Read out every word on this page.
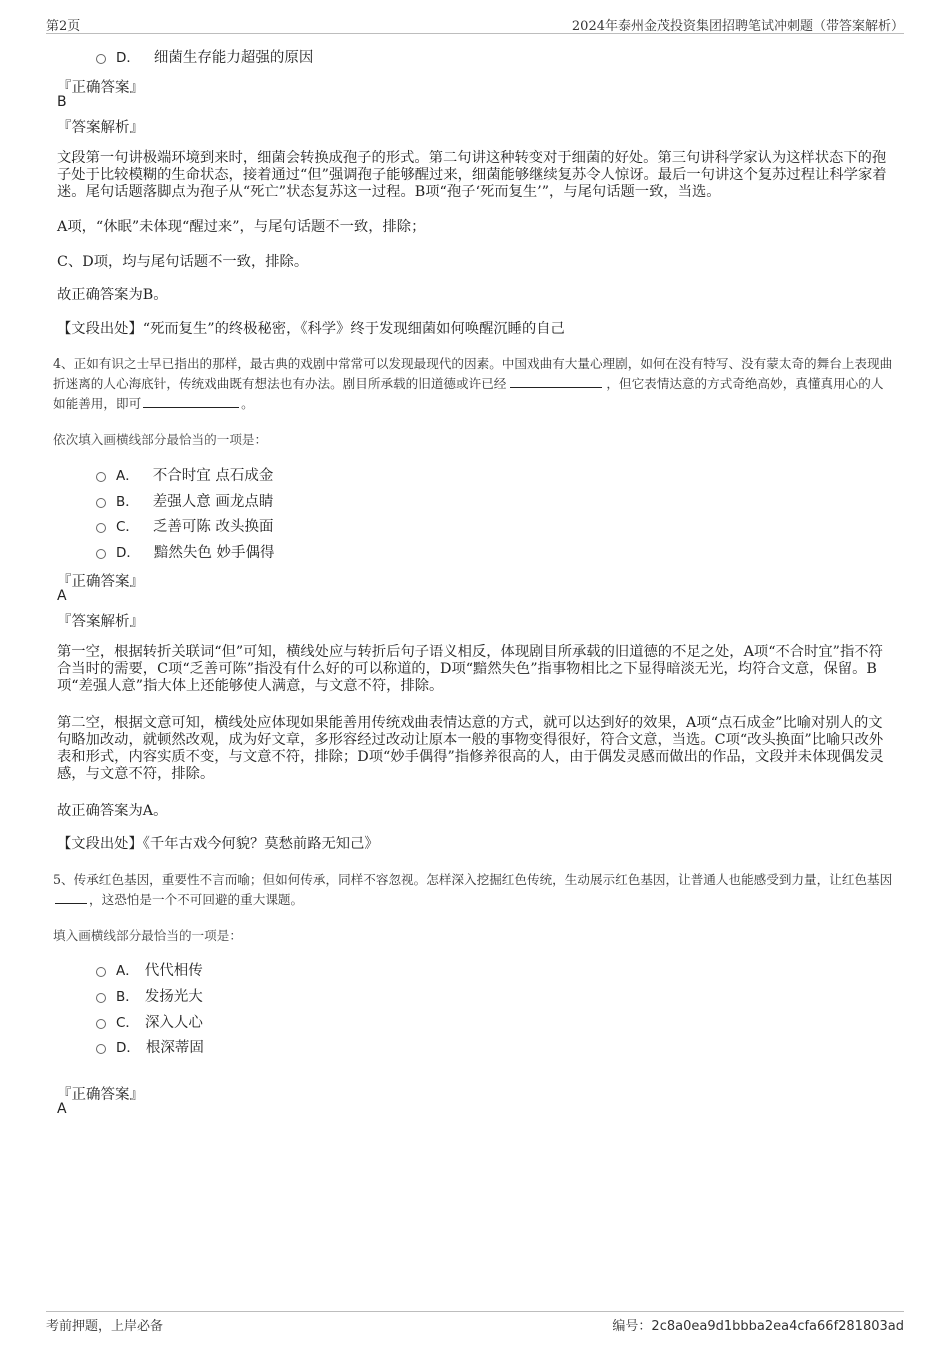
第2页	2024年泰州金茂投资集团招聘笔试冲刺题（带答案解析）
D． 细菌生存能力超强的原因
『正确答案』
B
『答案解析』
文段第一句讲极端环境到来时，细菌会转换成孢子的形式。第二句讲这种转变对于细菌的好处。第三句讲科学家认为这样状态下的孢子处于比较模糊的生命状态，接着通过“但”强调孢子能够醒过来，细菌能够继续复苏令人惊讶。最后一句讲这个复苏过程让科学家着迷。尾句话题落脚点为孢子从“死亡”状态复苏这一过程。B项“孢子‘死而复生’”，与尾句话题一致，当选。
A项，“休眠”未体现“醒过来”，与尾句话题不一致，排除；
C、D项，均与尾句话题不一致，排除。
故正确答案为B。
【文段出处】“死而复生”的终极秘密，《科学》终于发现细菌如何唤醒沉睡的自己
4、正如有识之士早已指出的那样，最古典的戏剧中常常可以发现最现代的因素。中国戏曲有大量心理剧，如何在没有特写、没有蒙太奇的舞台上表现曲折迷离的人心海底针，传统戏曲既有想法也有办法。剧目所承载的旧道德或许已经	，但它表情达意的方式奇绝高妙，真懂真用心的人如能善用，即可	。
依次填入画横线部分最恰当的一项是：
A． 不合时宜 点石成金
B． 差强人意 画龙点睛
C． 乏善可陈 改头换面
D． 黯然失色 妙手偶得
『正确答案』
A
『答案解析』
第一空，根据转折关联词“但”可知，横线处应与转折后句子语义相反，体现剧目所承载的旧道德的不足之处，A项“不合时宜”指不符合当时的需要，C项“乏善可陈”指没有什么好的可以称道的，D项“黯然失色”指事物相比之下显得暗淡无光，均符合文意，保留。B项“差强人意”指大体上还能够使人满意，与文意不符，排除。
第二空，根据文意可知，横线处应体现如果能善用传统戏曲表情达意的方式，就可以达到好的效果，A项“点石成金”比喻对别人的文句略加改动，就顿然改观，成为好文章，多形容经过改动让原本一般的事物变得很好，符合文意，当选。C项“改头换面”比喻只改外表和形式，内容实质不变，与文意不符，排除；D项“妙手偶得”指修养很高的人，由于偶发灵感而做出的作品，文段并未体现偶发灵感，与文意不符，排除。
故正确答案为A。
【文段出处】《千年古戏今何貌？莫愁前路无知己》
5、传承红色基因，重要性不言而喻；但如何传承，同样不容忽视。怎样深入挖掘红色传统，生动展示红色基因，让普通人也能感受到力量，让红色基因，这恐怕是一个不可回避的重大课题。
填入画横线部分最恰当的一项是：
A． 代代相传
B． 发扬光大
C． 深入人心
D． 根深蒂固
『正确答案』
A
考前押题，上岸必备	编号：2c8a0ea9d1bbba2ea4cfa66f281803ad
